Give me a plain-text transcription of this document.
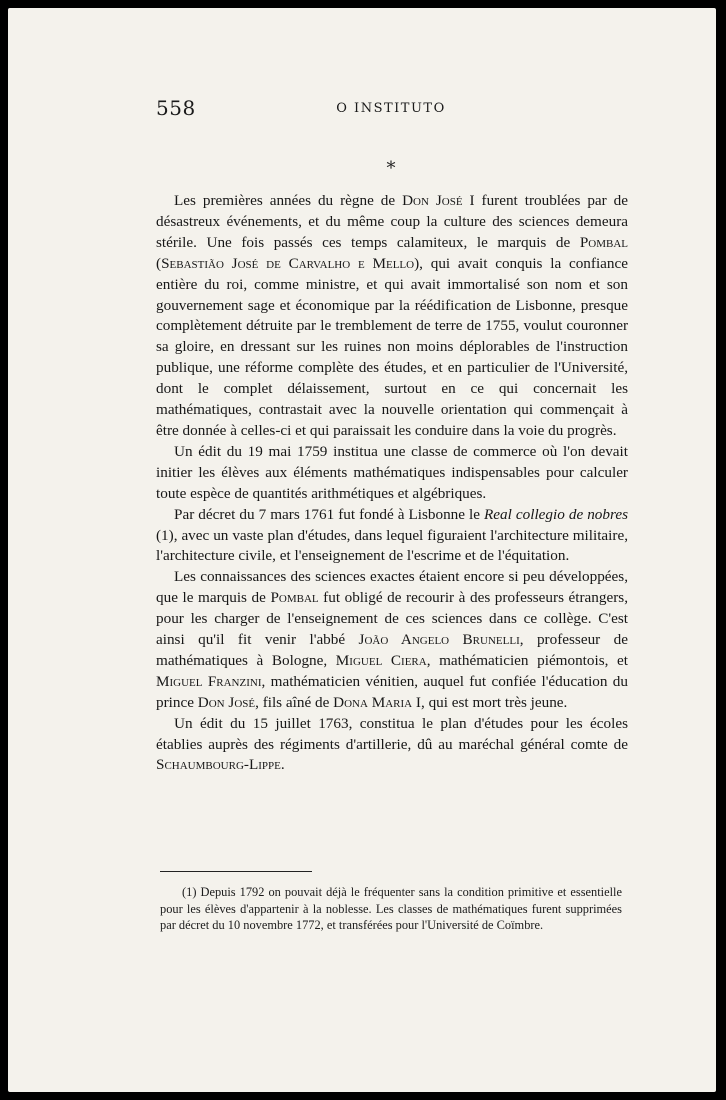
558	O INSTITUTO
*

Les premières années du règne de Don José I furent troublées par de désastreux événements, et du même coup la culture des sciences demeura stérile. Une fois passés ces temps calamiteux, le marquis de Pombal (Sebastião José de Carvalho e Mello), qui avait conquis la confiance entière du roi, comme ministre, et qui avait immortalisé son nom et son gouvernement sage et économique par la réédification de Lisbonne, presque complètement détruite par le tremblement de terre de 1755, voulut couronner sa gloire, en dressant sur les ruines non moins déplorables de l'instruction publique, une réforme complète des études, et en particulier de l'Université, dont le complet délaissement, surtout en ce qui concernait les mathématiques, contrastait avec la nouvelle orientation qui commençait à être donnée à celles-ci et qui paraissait les conduire dans la voie du progrès.

Un édit du 19 mai 1759 institua une classe de commerce où l'on devait initier les élèves aux éléments mathématiques indispensables pour calculer toute espèce de quantités arithmétiques et algébriques.

Par décret du 7 mars 1761 fut fondé à Lisbonne le Real collegio de nobres (1), avec un vaste plan d'études, dans lequel figuraient l'architecture militaire, l'architecture civile, et l'enseignement de l'escrime et de l'équitation.

Les connaissances des sciences exactes étaient encore si peu développées, que le marquis de Pombal fut obligé de recourir à des professeurs étrangers, pour les charger de l'enseignement de ces sciences dans ce collège. C'est ainsi qu'il fit venir l'abbé João Angelo Brunelli, professeur de mathématiques à Bologne, Miguel Ciera, mathématicien piémontois, et Miguel Franzini, mathématicien vénitien, auquel fut confiée l'éducation du prince Don José, fils aîné de Dona Maria I, qui est mort très jeune.

Un édit du 15 juillet 1763, constitua le plan d'études pour les écoles établies auprès des régiments d'artillerie, dû au maréchal général comte de Schaumbourg-Lippe.

(1) Depuis 1792 on pouvait déjà le fréquenter sans la condition primitive et essentielle pour les élèves d'appartenir à la noblesse. Les classes de mathématiques furent supprimées par décret du 10 novembre 1772, et transférées pour l'Université de Coïmbre.
